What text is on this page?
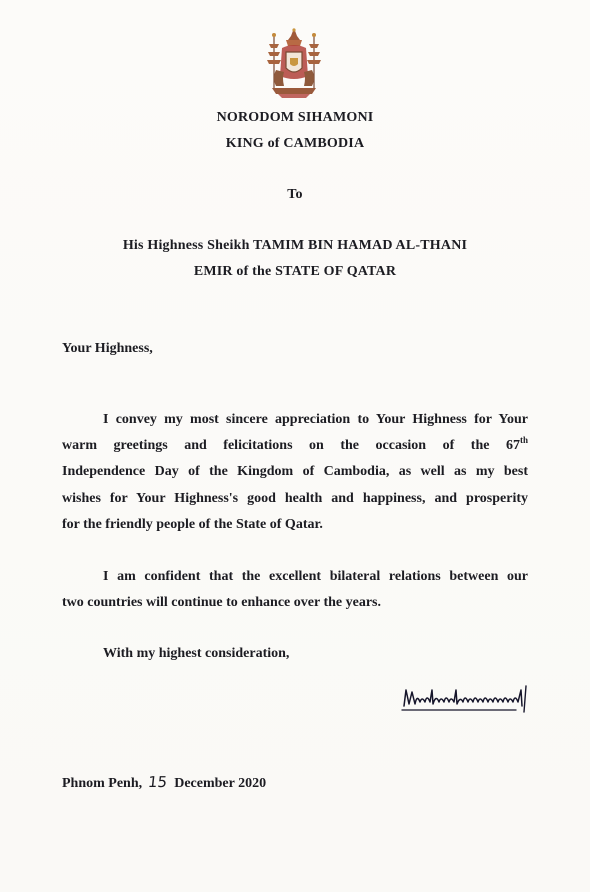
NORODOM SIHAMONI
KING of CAMBODIA
To
His Highness Sheikh TAMIM BIN HAMAD AL-THANI
EMIR of the STATE OF QATAR
Your Highness,
I convey my most sincere appreciation to Your Highness for Your
warm greetings and felicitations on the occasion of the 67th
Independence Day of the Kingdom of Cambodia, as well as my best
wishes for Your Highness's good health and happiness, and prosperity
for the friendly people of the State of Qatar.
I am confident that the excellent bilateral relations between our
two countries will continue to enhance over the years.
With my highest consideration,
Phnom Penh, 15 December 2020
